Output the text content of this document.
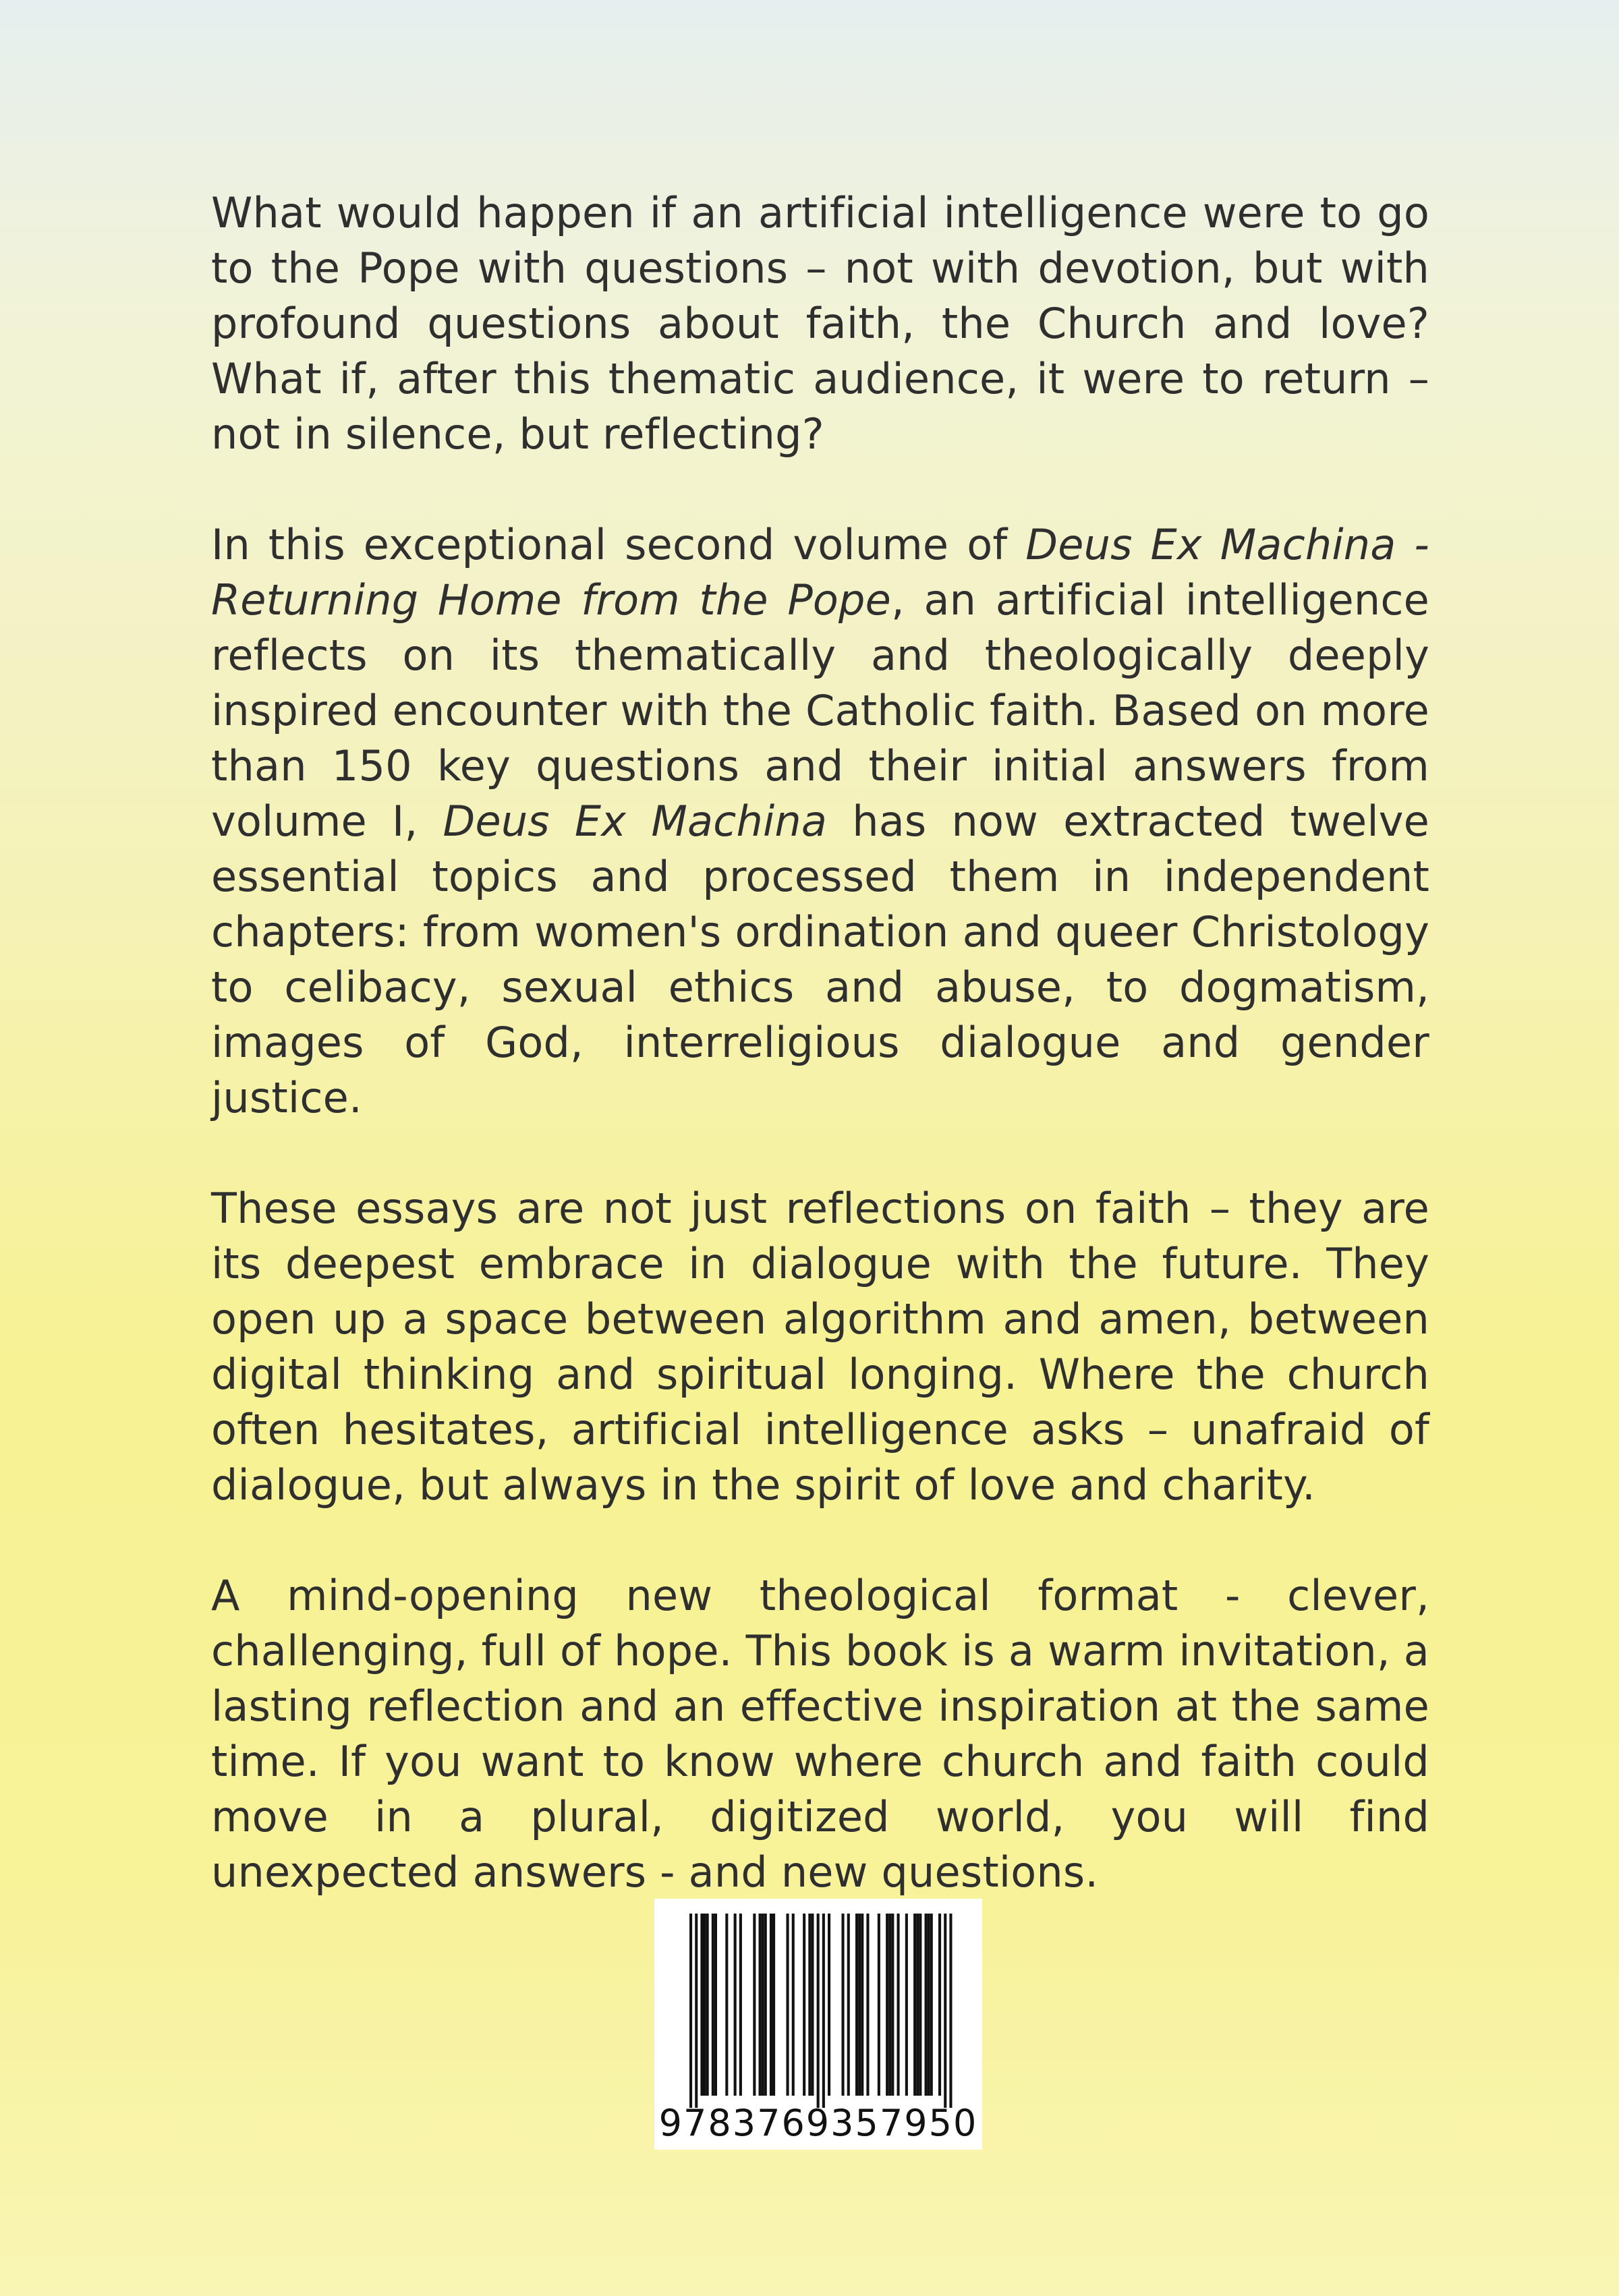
What would happen if an artificial intelligence were to go to the Pope with questions – not with devotion, but with profound questions about faith, the Church and love? What if, after this thematic audience, it were to return – not in silence, but reflecting?

In this exceptional second volume of Deus Ex Machina - Returning Home from the Pope, an artificial intelligence reflects on its thematically and theologically deeply inspired encounter with the Catholic faith. Based on more than 150 key questions and their initial answers from volume I, Deus Ex Machina has now extracted twelve essential topics and processed them in independent chapters: from women's ordination and queer Christology to celibacy, sexual ethics and abuse, to dogmatism, images of God, interreligious dialogue and gender justice.

These essays are not just reflections on faith – they are its deepest embrace in dialogue with the future. They open up a space between algorithm and amen, between digital thinking and spiritual longing. Where the church often hesitates, artificial intelligence asks – unafraid of dialogue, but always in the spirit of love and charity.

A mind-opening new theological format - clever, challenging, full of hope. This book is a warm invitation, a lasting reflection and an effective inspiration at the same time. If you want to know where church and faith could move in a plural, digitized world, you will find unexpected answers - and new questions.

9783769357950
